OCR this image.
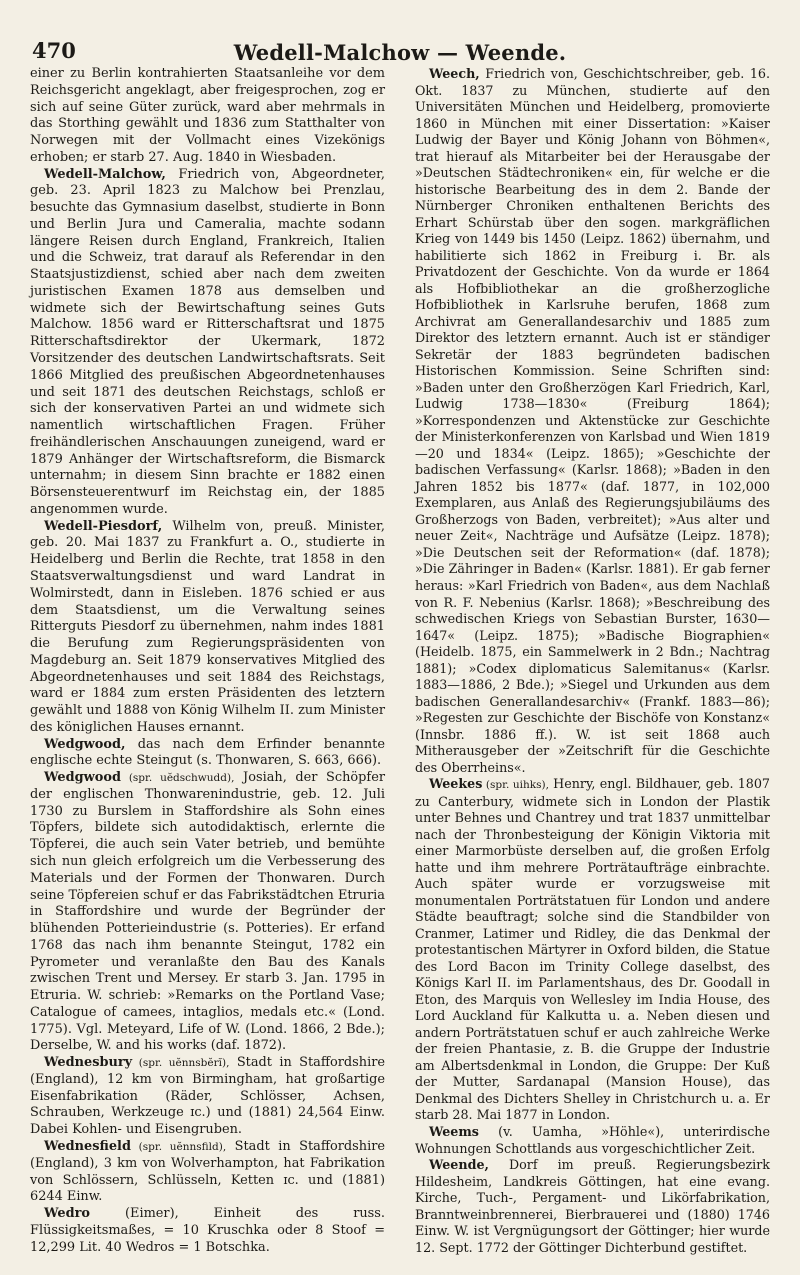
470	Wedell-Malchow — Weende.

einer zu Berlin kontrahierten Staatsanleihe vor dem Reichsgericht angeklagt, aber freigesprochen, zog er sich auf seine Güter zurück, ward aber mehrmals in das Storthing gewählt und 1836 zum Statthalter von Norwegen mit der Vollmacht eines Vizekönigs erhoben; er starb 27. Aug. 1840 in Wiesbaden.

Wedell-Malchow, Friedrich von, Abgeordneter, geb. 23. April 1823 zu Malchow bei Prenzlau, besuchte das Gymnasium daselbst, studierte in Bonn und Berlin Jura und Cameralia, machte sodann längere Reisen durch England, Frankreich, Italien und die Schweiz, trat darauf als Referendar in den Staatsjustizdienst, schied aber nach dem zweiten juristischen Examen 1878 aus demselben und widmete sich der Bewirtschaftung seines Guts Malchow. 1856 ward er Ritterschaftsrat und 1875 Ritterschaftsdirektor der Ukermark, 1872 Vorsitzender des deutschen Landwirtschaftsrats. Seit 1866 Mitglied des preußischen Abgeordnetenhauses und seit 1871 des deutschen Reichstags, schloß er sich der konservativen Partei an und widmete sich namentlich wirtschaftlichen Fragen. Früher freihändlerischen Anschauungen zuneigend, ward er 1879 Anhänger der Wirtschaftsreform, die Bismarck unternahm; in diesem Sinn brachte er 1882 einen Börsensteuerentwurf im Reichstag ein, der 1885 angenommen wurde.

Wedell-Piesdorf, Wilhelm von, preuß. Minister, geb. 20. Mai 1837 zu Frankfurt a. O., studierte in Heidelberg und Berlin die Rechte, trat 1858 in den Staatsverwaltungsdienst und ward Landrat in Wolmirstedt, dann in Eisleben. 1876 schied er aus dem Staatsdienst, um die Verwaltung seines Ritterguts Piesdorf zu übernehmen, nahm indes 1881 die Berufung zum Regierungspräsidenten von Magdeburg an. Seit 1879 konservatives Mitglied des Abgeordnetenhauses und seit 1884 des Reichstags, ward er 1884 zum ersten Präsidenten des letztern gewählt und 1888 von König Wilhelm II. zum Minister des königlichen Hauses ernannt.

Wedgwood, das nach dem Erfinder benannte englische echte Steingut (s. Thonwaren, S. 663, 666).

Wedgwood (spr. uĕdschwudd), Josiah, der Schöpfer der englischen Thonwarenindustrie, geb. 12. Juli 1730 zu Burslem in Staffordshire als Sohn eines Töpfers, bildete sich autodidaktisch, erlernte die Töpferei, die auch sein Vater betrieb, und bemühte sich nun gleich erfolgreich um die Verbesserung des Materials und der Formen der Thonwaren. Durch seine Töpfereien schuf er das Fabrikstädtchen Etruria in Staffordshire und wurde der Begründer der blühenden Potterieindustrie (s. Potteries). Er erfand 1768 das nach ihm benannte Steingut, 1782 ein Pyrometer und veranlaßte den Bau des Kanals zwischen Trent und Mersey. Er starb 3. Jan. 1795 in Etruria. W. schrieb: »Remarks on the Portland Vase; Catalogue of camees, intaglios, medals etc.« (Lond. 1775). Vgl. Meteyard, Life of W. (Lond. 1866, 2 Bde.); Derselbe, W. and his works (daf. 1872).

Wednesbury (spr. uĕnnsbĕrĭ), Stadt in Staffordshire (England), 12 km von Birmingham, hat großartige Eisenfabrikation (Räder, Schlösser, Achsen, Schrauben, Werkzeuge ɪc.) und (1881) 24,564 Einw. Dabei Kohlen- und Eisengruben.

Wednesfield (spr. uĕnnsfild), Stadt in Staffordshire (England), 3 km von Wolverhampton, hat Fabrikation von Schlössern, Schlüsseln, Ketten ɪc. und (1881) 6244 Einw.

Wedro (Eimer), Einheit des russ. Flüssigkeitsmaßes, = 10 Kruschka oder 8 Stoof = 12,299 Lit. 40 Wedros = 1 Botschka.

Weech, Friedrich von, Geschichtschreiber, geb. 16. Okt. 1837 zu München, studierte auf den Universitäten München und Heidelberg, promovierte 1860 in München mit einer Dissertation: »Kaiser Ludwig der Bayer und König Johann von Böhmen«, trat hierauf als Mitarbeiter bei der Herausgabe der »Deutschen Städtechroniken« ein, für welche er die historische Bearbeitung des in dem 2. Bande der Nürnberger Chroniken enthaltenen Berichts des Erhart Schürstab über den sogen. markgräflichen Krieg von 1449 bis 1450 (Leipz. 1862) übernahm, und habilitierte sich 1862 in Freiburg i. Br. als Privatdozent der Geschichte. Von da wurde er 1864 als Hofbibliothekar an die großherzogliche Hofbibliothek in Karlsruhe berufen, 1868 zum Archivrat am Generallandesarchiv und 1885 zum Direktor des letztern ernannt. Auch ist er ständiger Sekretär der 1883 begründeten badischen Historischen Kommission. Seine Schriften sind: »Baden unter den Großherzögen Karl Friedrich, Karl, Ludwig 1738—1830« (Freiburg 1864); »Korrespondenzen und Aktenstücke zur Geschichte der Ministerkonferenzen von Karlsbad und Wien 1819—20 und 1834« (Leipz. 1865); »Geschichte der badischen Verfassung« (Karlsr. 1868); »Baden in den Jahren 1852 bis 1877« (daf. 1877, in 102,000 Exemplaren, aus Anlaß des Regierungsjubiläums des Großherzogs von Baden, verbreitet); »Aus alter und neuer Zeit«, Nachträge und Aufsätze (Leipz. 1878); »Die Deutschen seit der Reformation« (daf. 1878); »Die Zähringer in Baden« (Karlsr. 1881). Er gab ferner heraus: »Karl Friedrich von Baden«, aus dem Nachlaß von R. F. Nebenius (Karlsr. 1868); »Beschreibung des schwedischen Kriegs von Sebastian Burster, 1630—1647« (Leipz. 1875); »Badische Biographien« (Heidelb. 1875, ein Sammelwerk in 2 Bdn.; Nachtrag 1881); »Codex diplomaticus Salemitanus« (Karlsr. 1883—1886, 2 Bde.); »Siegel und Urkunden aus dem badischen Generallandesarchiv« (Frankf. 1883—86); »Regesten zur Geschichte der Bischöfe von Konstanz« (Innsbr. 1886 ff.). W. ist seit 1868 auch Mitherausgeber der »Zeitschrift für die Geschichte des Oberrheins«.

Weekes (spr. uihks), Henry, engl. Bildhauer, geb. 1807 zu Canterbury, widmete sich in London der Plastik unter Behnes und Chantrey und trat 1837 unmittelbar nach der Thronbesteigung der Königin Viktoria mit einer Marmorbüste derselben auf, die großen Erfolg hatte und ihm mehrere Porträtaufträge einbrachte. Auch später wurde er vorzugsweise mit monumentalen Porträtstatuen für London und andere Städte beauftragt; solche sind die Standbilder von Cranmer, Latimer und Ridley, die das Denkmal der protestantischen Märtyrer in Oxford bilden, die Statue des Lord Bacon im Trinity College daselbst, des Königs Karl II. im Parlamentshaus, des Dr. Goodall in Eton, des Marquis von Wellesley im India House, des Lord Auckland für Kalkutta u. a. Neben diesen und andern Porträtstatuen schuf er auch zahlreiche Werke der freien Phantasie, z. B. die Gruppe der Industrie am Albertsdenkmal in London, die Gruppe: Der Kuß der Mutter, Sardanapal (Mansion House), das Denkmal des Dichters Shelley in Christchurch u. a. Er starb 28. Mai 1877 in London.

Weems (v. Uamha, »Höhle«), unterirdische Wohnungen Schottlands aus vorgeschichtlicher Zeit.

Weende, Dorf im preuß. Regierungsbezirk Hildesheim, Landkreis Göttingen, hat eine evang. Kirche, Tuch-, Pergament- und Likörfabrikation, Branntweinbrennerei, Bierbrauerei und (1880) 1746 Einw. W. ist Vergnügungsort der Göttinger; hier wurde 12. Sept. 1772 der Göttinger Dichterbund gestiftet.
